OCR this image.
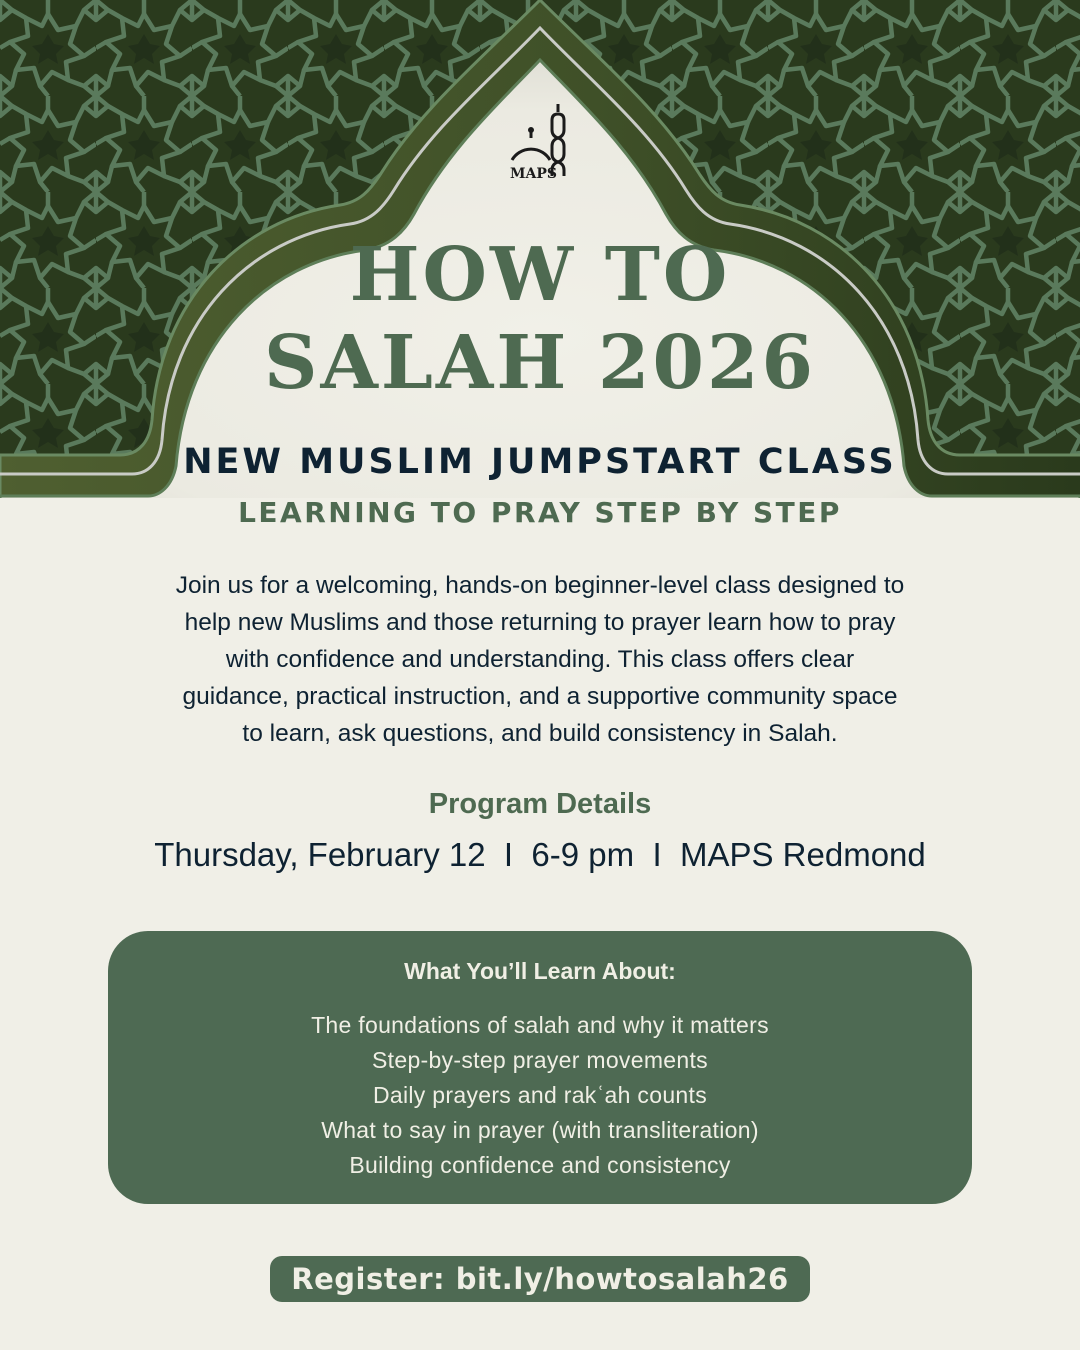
MAPS
HOW TO
SALAH 2026
NEW MUSLIM JUMPSTART CLASS
LEARNING TO PRAY STEP BY STEP
Join us for a welcoming, hands-on beginner-level class designed to
help new Muslims and those returning to prayer learn how to pray
with confidence and understanding. This class offers clear
guidance, practical instruction, and a supportive community space
to learn, ask questions, and build consistency in Salah.
Program Details
Thursday, February 12  I  6-9 pm  I  MAPS Redmond
What You’ll Learn About:
The foundations of salah and why it matters
Step-by-step prayer movements
Daily prayers and rakʿah counts
What to say in prayer (with transliteration)
Building confidence and consistency
Register: bit.ly/howtosalah26
